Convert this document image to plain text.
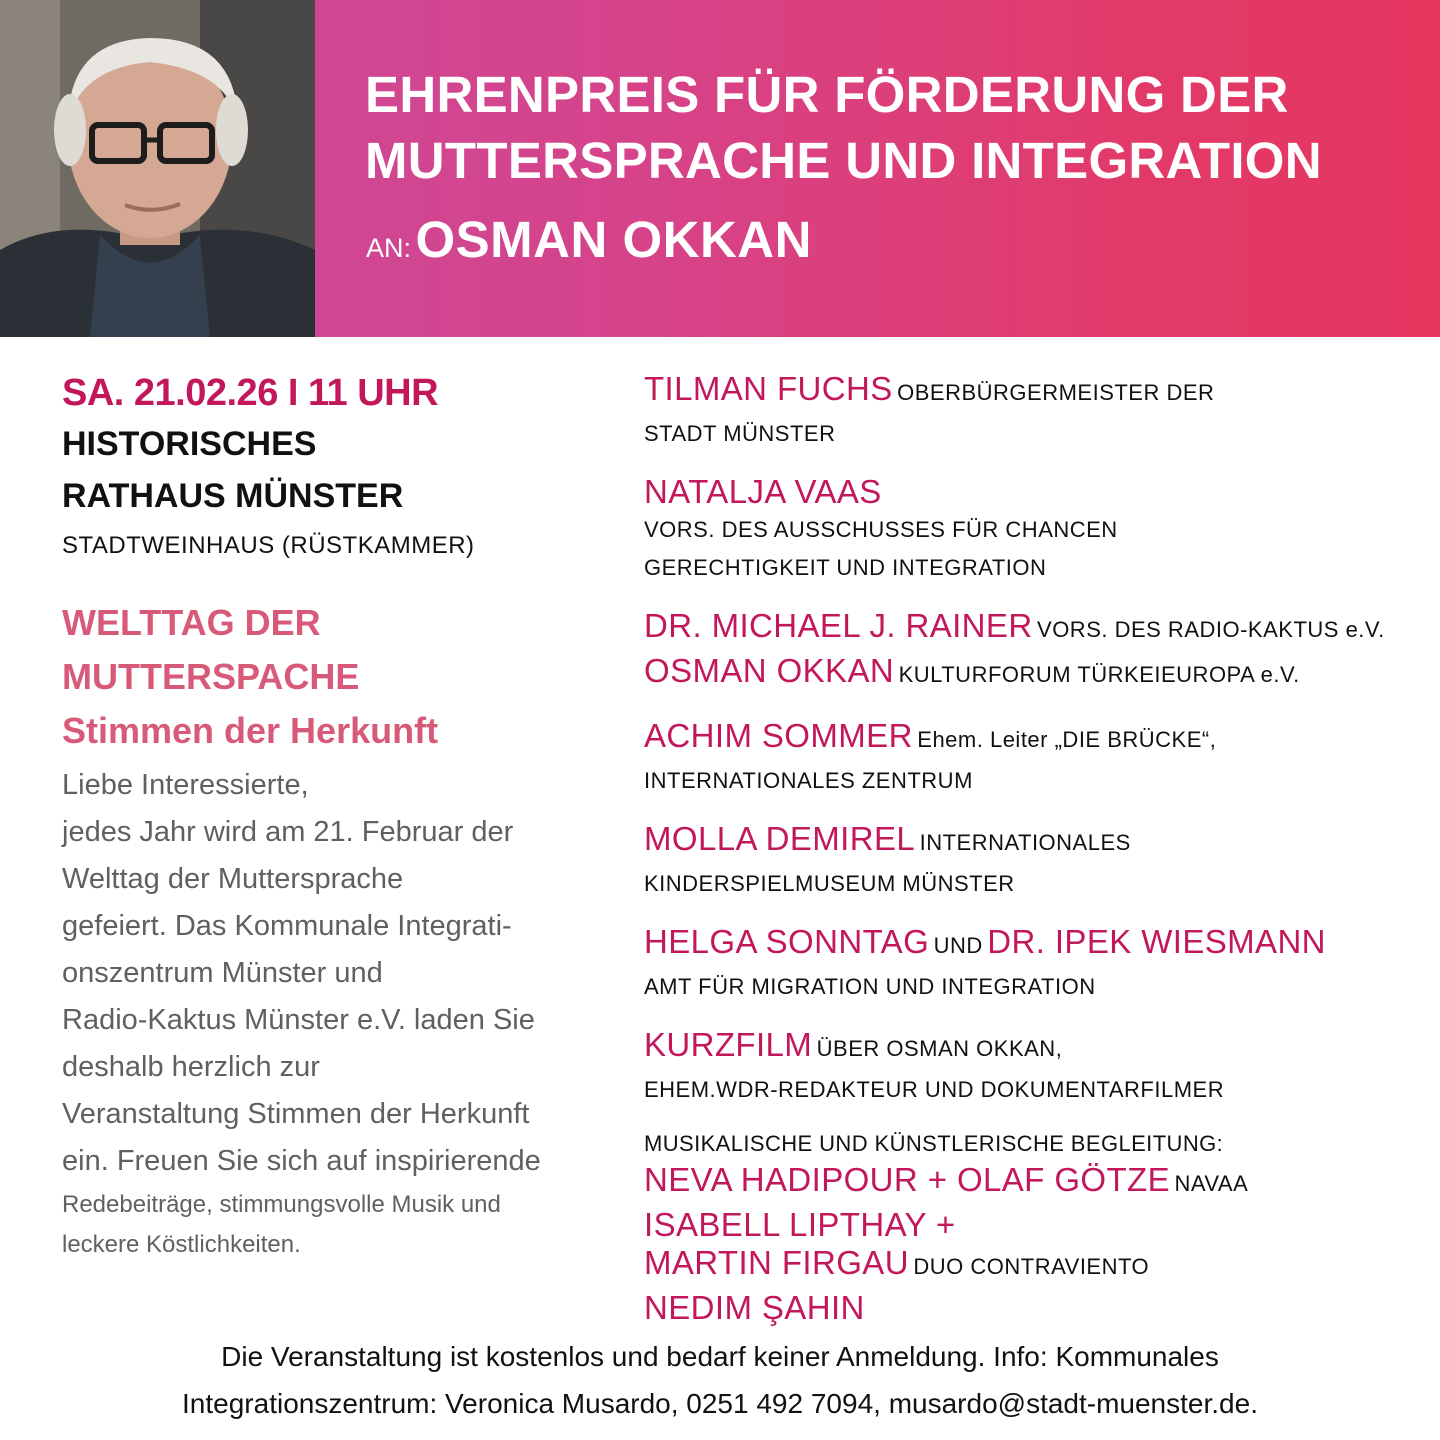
EHRENPREIS FÜR FÖRDERUNG DER
MUTTERSPRACHE UND INTEGRATION
AN: OSMAN OKKAN
SA. 21.02.26 I 11 UHR
HISTORISCHES
RATHAUS MÜNSTER
STADTWEINHAUS (RÜSTKAMMER)
WELTTAG DER
MUTTERSPACHE
Stimmen der Herkunft
Liebe Interessierte,
jedes Jahr wird am 21. Februar der
Welttag der Muttersprache
gefeiert. Das Kommunale Integrati-
onszentrum Münster und
Radio-Kaktus Münster e.V. laden Sie
deshalb herzlich zur
Veranstaltung Stimmen der Herkunft
ein. Freuen Sie sich auf inspirierende
Redebeiträge, stimmungsvolle Musik und
leckere Köstlichkeiten.
TILMAN FUCHS OBERBÜRGERMEISTER DER
STADT MÜNSTER
NATALJA VAAS
VORS. DES AUSSCHUSSES FÜR CHANCEN
GERECHTIGKEIT UND INTEGRATION
DR. MICHAEL J. RAINER VORS. DES RADIO-KAKTUS e.V.
OSMAN OKKAN KULTURFORUM TÜRKEIEUROPA e.V.
ACHIM SOMMER Ehem. Leiter „DIE BRÜCKE“,
INTERNATIONALES ZENTRUM
MOLLA DEMIREL INTERNATIONALES
KINDERSPIELMUSEUM MÜNSTER
HELGA SONNTAG UND DR. IPEK WIESMANN
AMT FÜR MIGRATION UND INTEGRATION
KURZFILM ÜBER OSMAN OKKAN,
EHEM.WDR-REDAKTEUR UND DOKUMENTARFILMER
MUSIKALISCHE UND KÜNSTLERISCHE BEGLEITUNG:
NEVA HADIPOUR + OLAF GÖTZE NAVAA
ISABELL LIPTHAY +
MARTIN FIRGAU DUO CONTRAVIENTO
NEDIM ŞAHIN
Die Veranstaltung ist kostenlos und bedarf keiner Anmeldung. Info: Kommunales
Integrationszentrum: Veronica Musardo, 0251 492 7094, musardo@stadt-muenster.de.
